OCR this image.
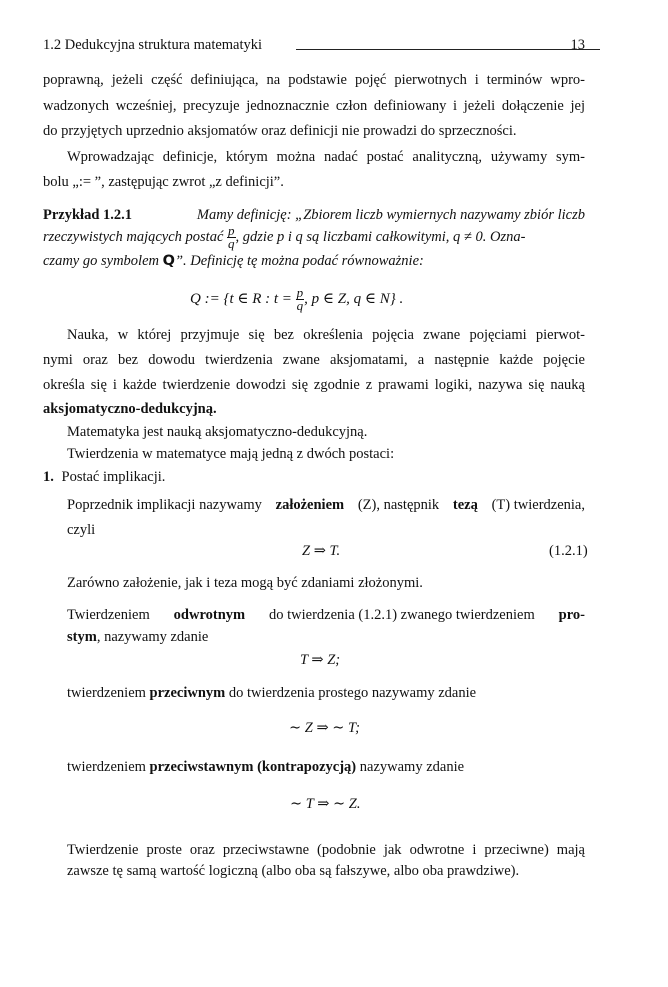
1.2 Dedukcyjna struktura matematyki	13
poprawną, jeżeli część definiująca, na podstawie pojęć pierwotnych i terminów wpro-
wadzonych wcześniej, precyzuje jednoznacznie człon definiowany i jeżeli dołączenie jej
do przyjętych uprzednio aksjomatów oraz definicji nie prowadzi do sprzeczności.
Wprowadzając definicje, którym można nadać postać analityczną, używamy sym-
bolu „:= ”, zastępując zwrot „z definicji”.
Przykład 1.2.1	Mamy definicję: „Zbiorem liczb wymiernych nazywamy zbiór liczb
rzeczywistych mających postać $\frac{p}{q}$ , gdzie p i q są liczbami całkowitymi, q ≠ 0. Ozna-
czamy go symbolem Q”. Definicję tę można podać równoważnie:
Q := {t ∈ R : $t = \frac{p}{q}$ , p ∈ Z, q ∈ N} .
Nauka, w której przyjmuje się bez określenia pojęcia zwane pojęciami pierwot-
nymi oraz bez dowodu twierdzenia zwane aksjomatami, a następnie każde pojęcie
określa się i każde twierdzenie dowodzi się zgodnie z prawami logiki, nazywa się nauką
aksjomatyczno-dedukcyjną.
Matematyka jest nauką aksjomatyczno-dedukcyjną.
Twierdzenia w matematyce mają jedną z dwóch postaci:
1. Postać implikacji.
Poprzednik implikacji nazywamy założeniem (Z), następnik tezą (T) twierdzenia,
czyli
Z ⇒ T.	(1.2.1)
Zarówno założenie, jak i teza mogą być zdaniami złożonymi.
Twierdzeniem odwrotnym do twierdzenia (1.2.1) zwanego twierdzeniem pro-
stym, nazywamy zdanie
T ⇒ Z;
twierdzeniem przeciwnym do twierdzenia prostego nazywamy zdanie
∼ Z ⇒ ∼ T;
twierdzeniem przeciwstawnym (kontrapozycją) nazywamy zdanie
∼ T ⇒ ∼ Z.
Twierdzenie proste oraz przeciwstawne (podobnie jak odwrotne i przeciwne) mają
zawsze tę samą wartość logiczną (albo oba są fałszywe, albo oba prawdziwe).
